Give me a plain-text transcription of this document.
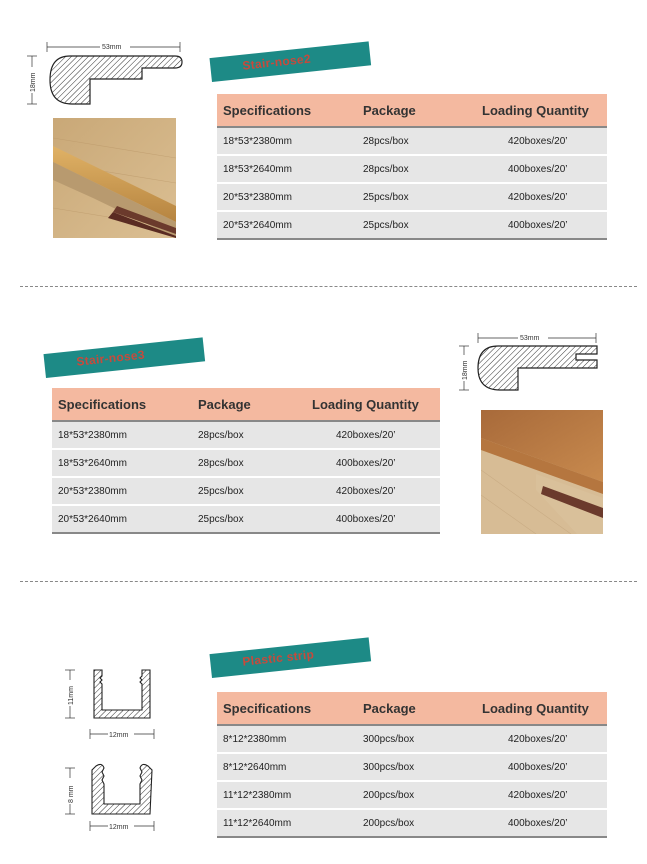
53mm
18mm
Stair-nose2
Specifications	Package	Loading Quantity
18*53*2380mm	28pcs/box	420boxes/20’
18*53*2640mm	28pcs/box	400boxes/20’
20*53*2380mm	25pcs/box	420boxes/20’
20*53*2640mm	25pcs/box	400boxes/20’
Stair-nose3
Specifications	Package	Loading Quantity
18*53*2380mm	28pcs/box	420boxes/20’
18*53*2640mm	28pcs/box	400boxes/20’
20*53*2380mm	25pcs/box	420boxes/20’
20*53*2640mm	25pcs/box	400boxes/20’
53mm
18mm
11mm
12mm
8 mm
12mm
Plastic strip
Specifications	Package	Loading Quantity
8*12*2380mm	300pcs/box	420boxes/20’
8*12*2640mm	300pcs/box	400boxes/20’
11*12*2380mm	200pcs/box	420boxes/20’
11*12*2640mm	200pcs/box	400boxes/20’
